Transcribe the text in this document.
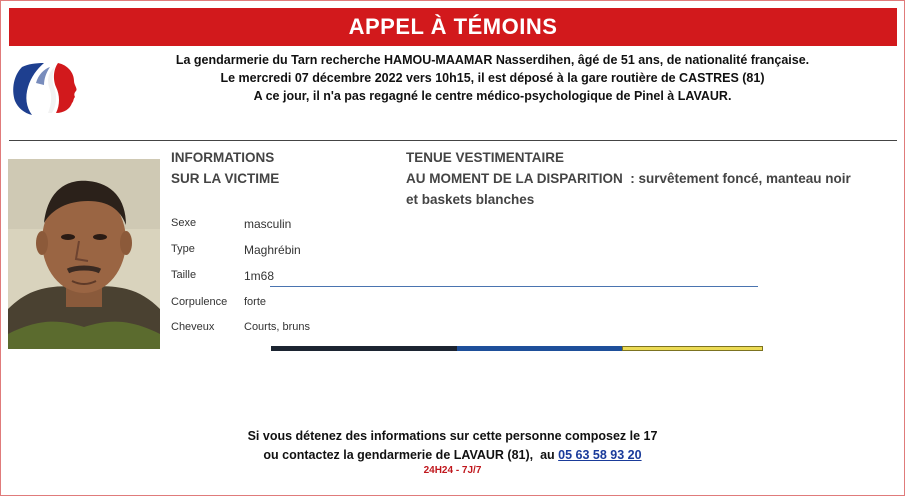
APPEL À TÉMOINS
La gendarmerie du Tarn recherche HAMOU-MAAMAR Nasserdihen, âgé de 51 ans, de nationalité française.
Le mercredi 07 décembre 2022 vers 10h15, il est déposé à la gare routière de CASTRES (81)
A ce jour, il n'a pas regagné le centre médico-psychologique de Pinel à LAVAUR.
INFORMATIONS
SUR LA VICTIME
TENUE VESTIMENTAIRE
AU MOMENT DE LA DISPARITION  : survêtement foncé, manteau noir
et baskets blanches
Sexe	masculin
Type	Maghrébin
Taille	1m68
Corpulence forte
Cheveux	Courts, bruns
Si vous détenez des informations sur cette personne composez le 17
ou contactez la gendarmerie de LAVAUR (81),  au 05 63 58 93 20
24H24 - 7J/7
